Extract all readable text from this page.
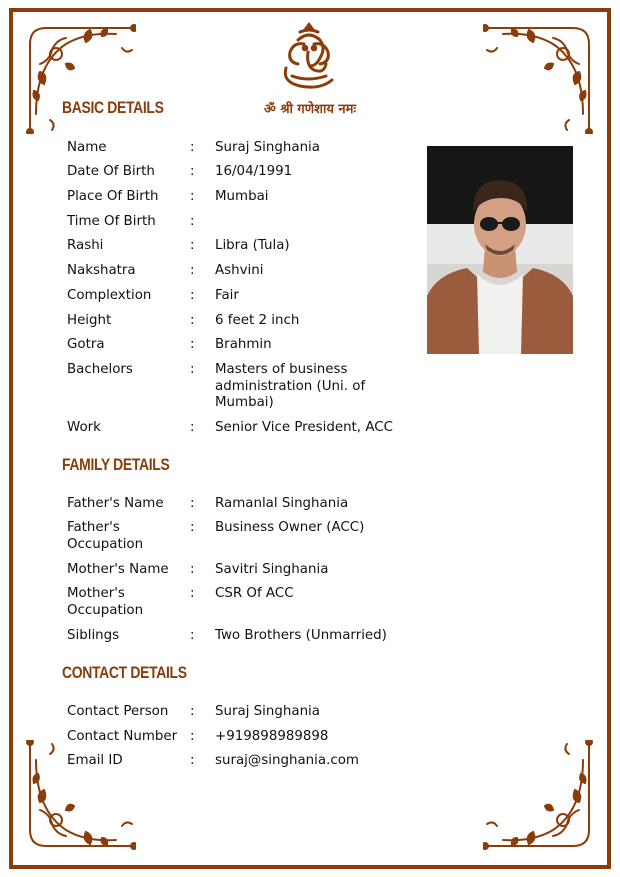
ॐ श्री गणेशाय नमः
BASIC DETAILS
FAMILY DETAILS
CONTACT DETAILS
Name	: Suraj Singhania
Date Of Birth	: 16/04/1991
Place Of Birth	: Mumbai
Time Of Birth	:
Rashi	: Libra (Tula)
Nakshatra	: Ashvini
Complextion	: Fair
Height	: 6 feet 2 inch
Gotra	: Brahmin
Bachelors	: Masters of business administration (Uni. of Mumbai)
Work	: Senior Vice President, ACC
Father's Name	: Ramanlal Singhania
Father's Occupation
: Business Owner (ACC)
Mother's Name	: Savitri Singhania
Mother's Occupation
: CSR Of ACC
Siblings	: Two Brothers (Unmarried)
Contact Person	: Suraj Singhania
Contact Number : +919898989898
Email ID	: suraj@singhania.com
